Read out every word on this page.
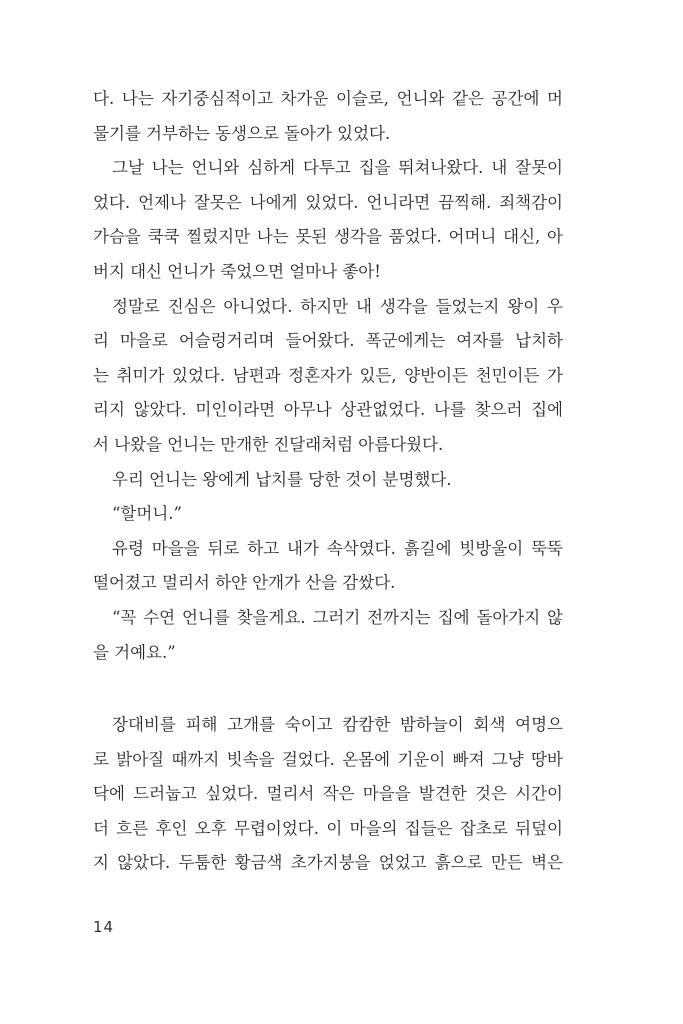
다. 나는 자기중심적이고 차가운 이슬로, 언니와 같은 공간에 머
물기를 거부하는 동생으로 돌아가 있었다.
그날 나는 언니와 심하게 다투고 집을 뛰쳐나왔다. 내 잘못이
었다. 언제나 잘못은 나에게 있었다. 언니라면 끔찍해. 죄책감이
가슴을 쿡쿡 찔렀지만 나는 못된 생각을 품었다. 어머니 대신, 아
버지 대신 언니가 죽었으면 얼마나 좋아!
정말로 진심은 아니었다. 하지만 내 생각을 들었는지 왕이 우
리 마을로 어슬렁거리며 들어왔다. 폭군에게는 여자를 납치하
는 취미가 있었다. 남편과 정혼자가 있든, 양반이든 천민이든 가
리지 않았다. 미인이라면 아무나 상관없었다. 나를 찾으러 집에
서 나왔을 언니는 만개한 진달래처럼 아름다웠다.
우리 언니는 왕에게 납치를 당한 것이 분명했다.
“할머니.”
유령 마을을 뒤로 하고 내가 속삭였다. 흙길에 빗방울이 뚝뚝
떨어졌고 멀리서 하얀 안개가 산을 감쌌다.
“꼭 수연 언니를 찾을게요. 그러기 전까지는 집에 돌아가지 않
을 거예요.”
장대비를 피해 고개를 숙이고 캄캄한 밤하늘이 회색 여명으
로 밝아질 때까지 빗속을 걸었다. 온몸에 기운이 빠져 그냥 땅바
닥에 드러눕고 싶었다. 멀리서 작은 마을을 발견한 것은 시간이
더 흐른 후인 오후 무렵이었다. 이 마을의 집들은 잡초로 뒤덮이
지 않았다. 두툼한 황금색 초가지붕을 얹었고 흙으로 만든 벽은
14
